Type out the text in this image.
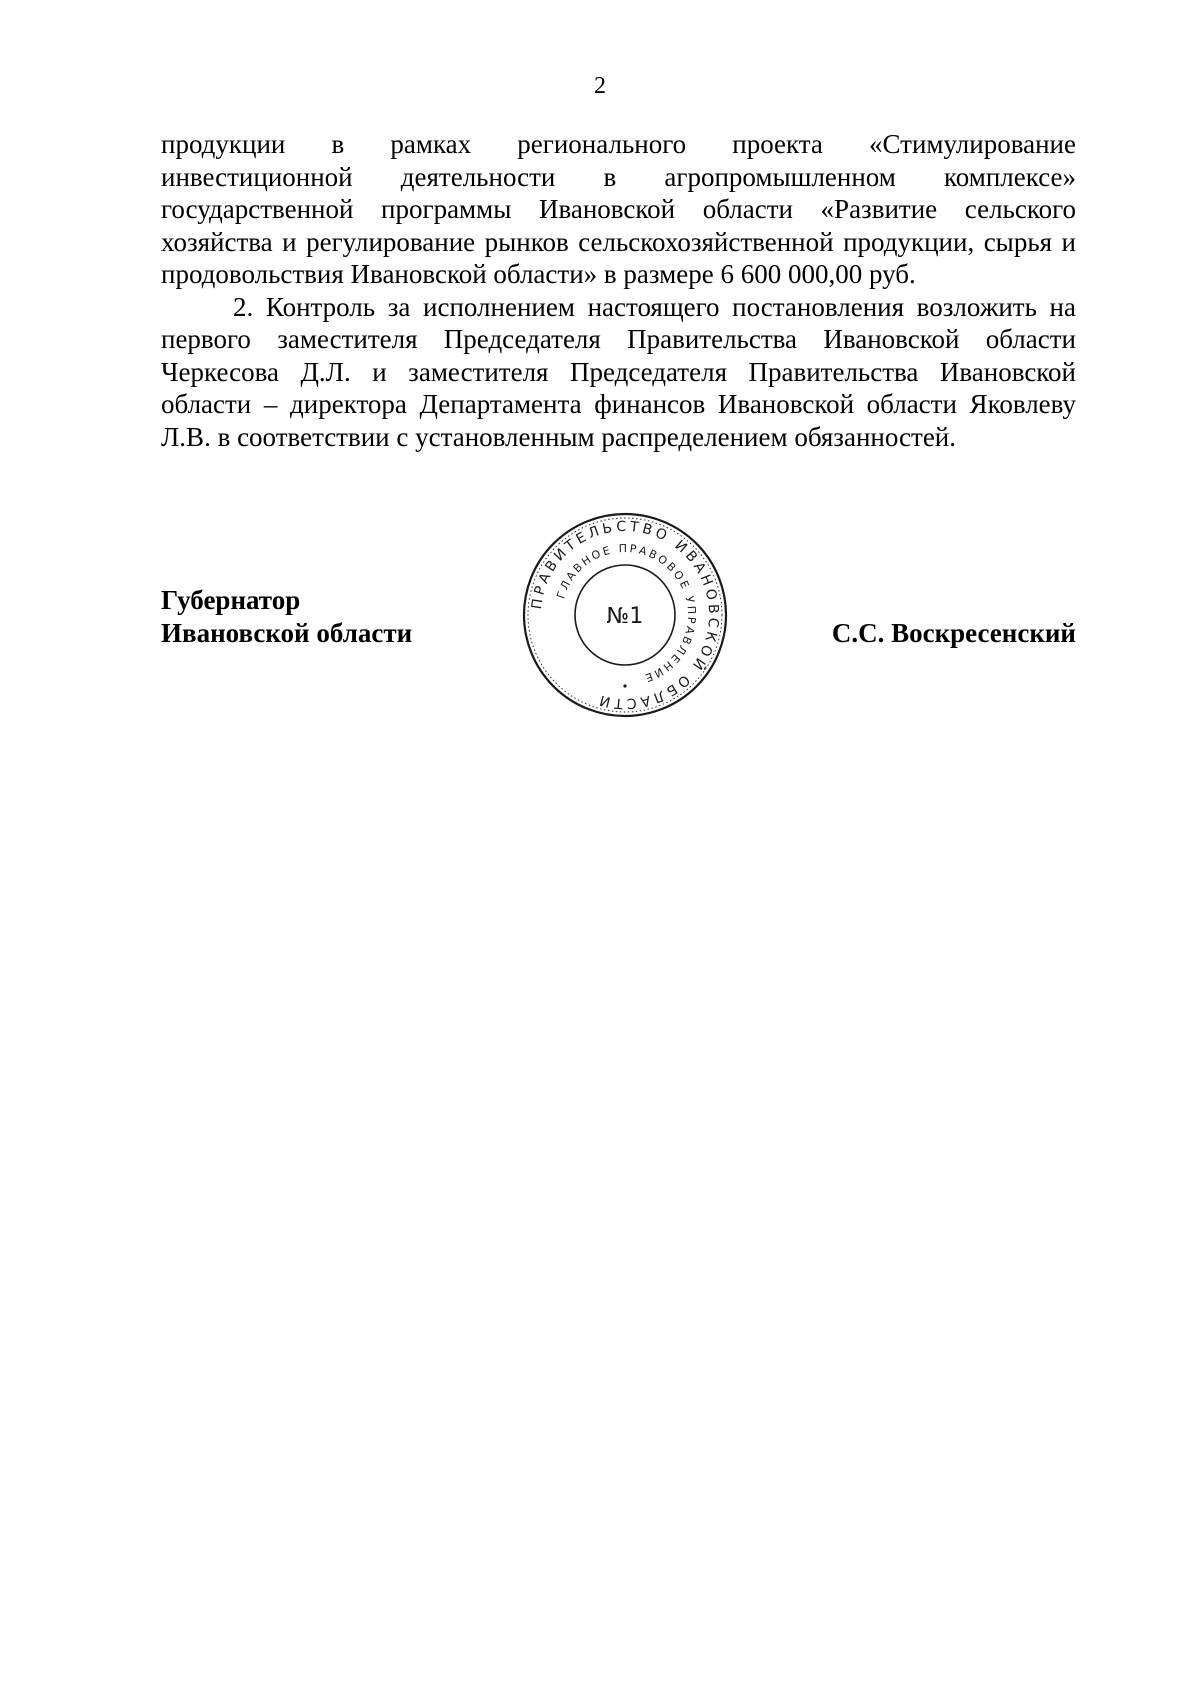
2

продукции в рамках регионального проекта «Стимулирование инвестиционной деятельности в агропромышленном комплексе» государственной программы Ивановской области «Развитие сельского хозяйства и регулирование рынков сельскохозяйственной продукции, сырья и продовольствия Ивановской области» в размере 6 600 000,00 руб.

2. Контроль за исполнением настоящего постановления возложить на первого заместителя Председателя Правительства Ивановской области Черкесова Д.Л. и заместителя Председателя Правительства Ивановской области – директора Департамента финансов Ивановской области Яковлеву Л.В. в соответствии с установленным распределением обязанностей.

Губернатор
Ивановской области
ПРАВИТЕЛЬСТВО ИВАНОВСКОЙ ОБЛАСТИ
ГЛАВНОЕ ПРАВОВОЕ УПРАВЛЕНИЕ
№1
С.С. Воскресенский
